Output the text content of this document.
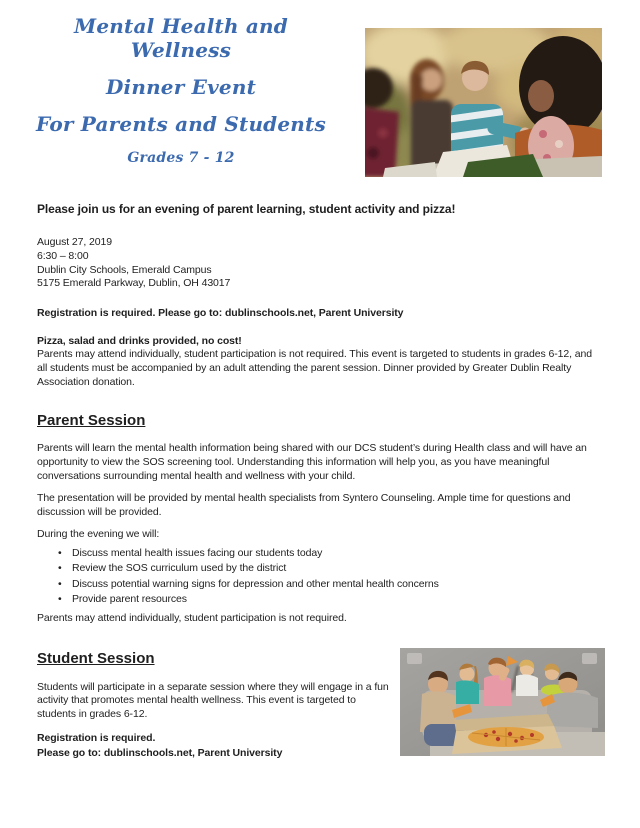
Mental Health and Wellness
Dinner Event
For Parents and Students
Grades 7 - 12

Please join us for an evening of parent learning, student activity and pizza!

August 27, 2019
6:30 – 8:00
Dublin City Schools, Emerald Campus
5175 Emerald Parkway, Dublin, OH 43017

Registration is required. Please go to: dublinschools.net, Parent University

Pizza, salad and drinks provided, no cost!

Parents may attend individually, student participation is not required. This event is targeted to students in grades 6-12, and all students must be accompanied by an adult attending the parent session. Dinner provided by Greater Dublin Realty Association donation.

Parent Session

Parents will learn the mental health information being shared with our DCS student’s during Health class and will have an opportunity to view the SOS screening tool. Understanding this information will help you, as you have meaningful conversations surrounding mental health and wellness with your child.

The presentation will be provided by mental health specialists from Syntero Counseling. Ample time for questions and discussion will be provided.

During the evening we will:

•
Discuss mental health issues facing our students today
•
Review the SOS curriculum used by the district
•
Discuss potential warning signs for depression and other mental health concerns
•
Provide parent resources

Parents may attend individually, student participation is not required.

Student Session

Students will participate in a separate session where they will engage in a fun activity that promotes mental health wellness. This event is targeted to students in grades 6-12.

Registration is required.

Please go to: dublinschools.net, Parent University
